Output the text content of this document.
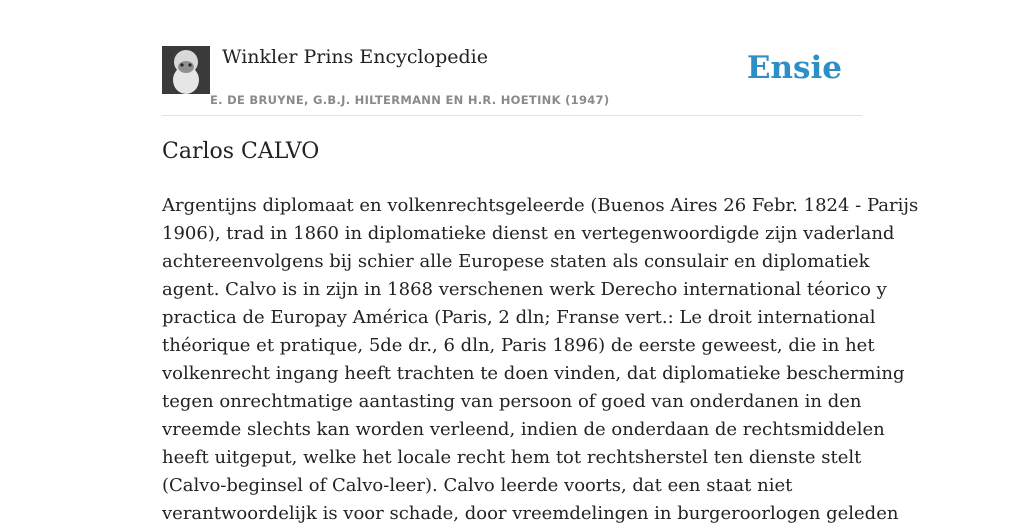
Winkler Prins Encyclopedie
E. DE BRUYNE, G.B.J. HILTERMANN EN H.R. HOETINK (1947)
Ensie
Carlos CALVO
Argentijns diplomaat en volkenrechtsgeleerde (Buenos Aires 26 Febr. 1824 - Parijs
1906), trad in 1860 in diplomatieke dienst en vertegenwoordigde zijn vaderland
achtereenvolgens bij schier alle Europese staten als consulair en diplomatiek
agent. Calvo is in zijn in 1868 verschenen werk Derecho international téorico y
practica de Europay América (Paris, 2 dln; Franse vert.: Le droit international
théorique et pratique, 5de dr., 6 dln, Paris 1896) de eerste geweest, die in het
volkenrecht ingang heeft trachten te doen vinden, dat diplomatieke bescherming
tegen onrechtmatige aantasting van persoon of goed van onderdanen in den
vreemde slechts kan worden verleend, indien de onderdaan de rechtsmiddelen
heeft uitgeput, welke het locale recht hem tot rechtsherstel ten dienste stelt
(Calvo-beginsel of Calvo-leer). Calvo leerde voorts, dat een staat niet
verantwoordelijk is voor schade, door vreemdelingen in burgeroorlogen geleden
